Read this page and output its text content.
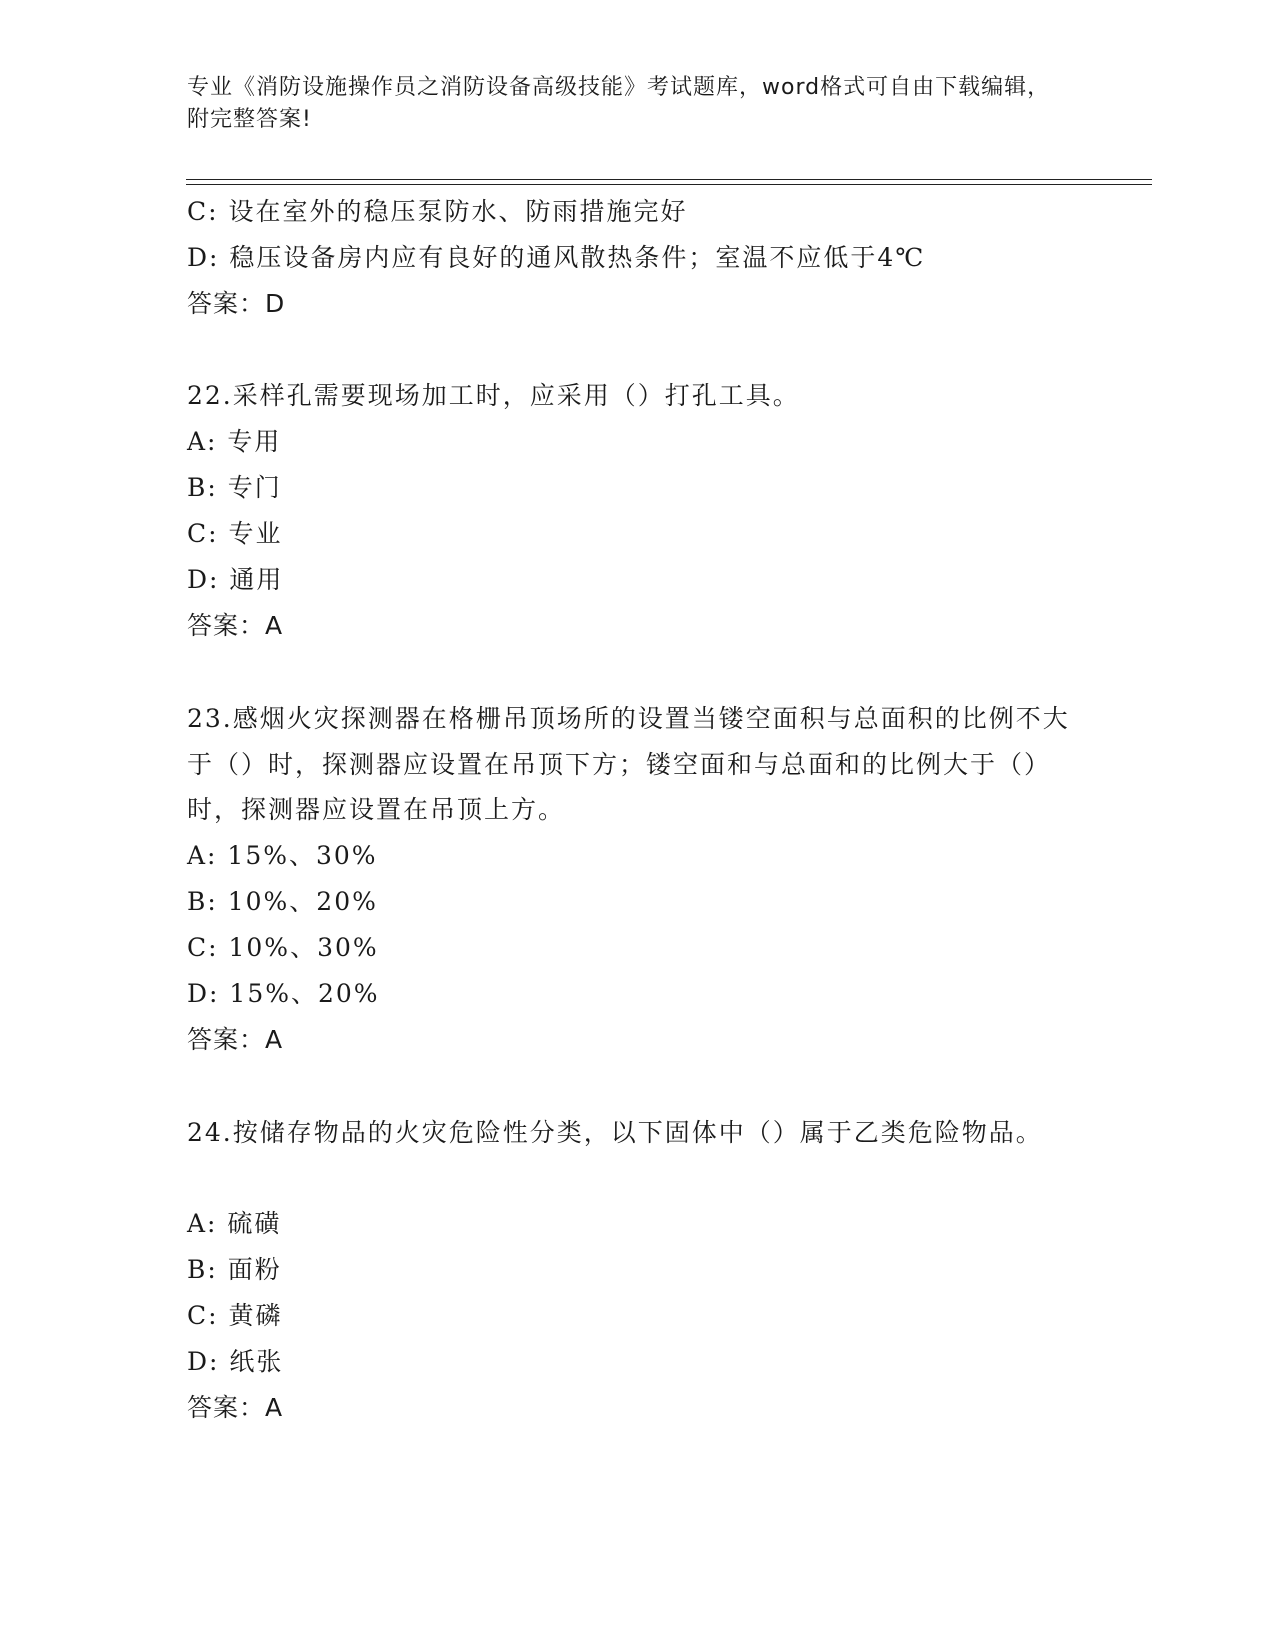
专业《消防设施操作员之消防设备高级技能》考试题库，word格式可自由下载编辑，附完整答案!
C: 设在室外的稳压泵防水、防雨措施完好
D: 稳压设备房内应有良好的通风散热条件；室温不应低于4℃
答案：D
22.采样孔需要现场加工时，应采用（）打孔工具。
A: 专用
B: 专门
C: 专业
D: 通用
答案：A
23.感烟火灾探测器在格栅吊顶场所的设置当镂空面积与总面积的比例不大于（）时，探测器应设置在吊顶下方；镂空面和与总面和的比例大于（）时，探测器应设置在吊顶上方。
A: 15%、30%
B: 10%、20%
C: 10%、30%
D: 15%、20%
答案：A
24.按储存物品的火灾危险性分类，以下固体中（）属于乙类危险物品。
A: 硫磺
B: 面粉
C: 黄磷
D: 纸张
答案：A
